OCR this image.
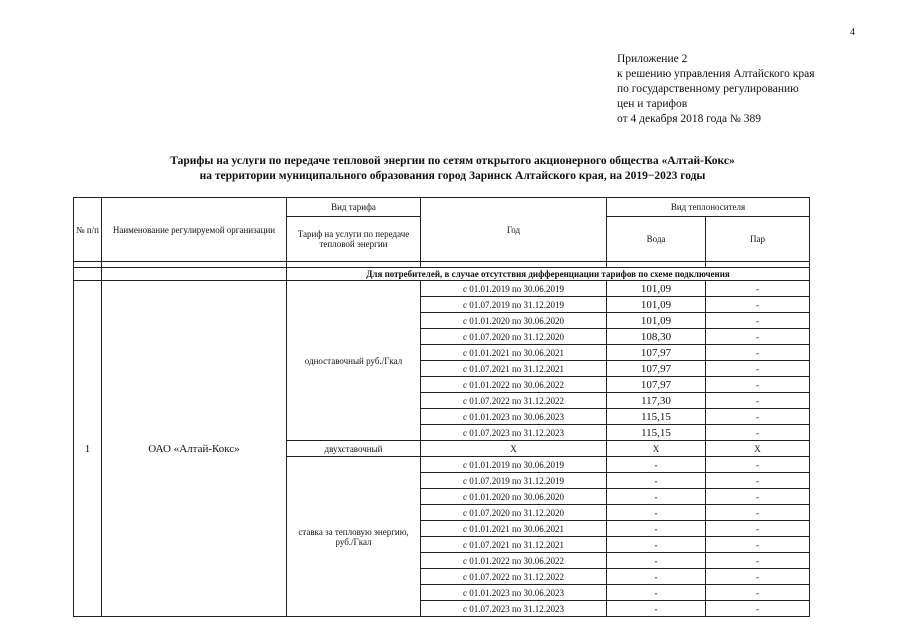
4
Приложение 2
к решению управления Алтайского края
по государственному регулированию
цен и тарифов
от 4 декабря 2018 года № 389
Тарифы на услуги по передаче тепловой энергии по сетям открытого акционерного общества «Алтай-Кокс»
на территории муниципального образования город Заринск Алтайского края, на 2019−2023 годы
№ п/п	Наименование регулируемой организации	Вид тарифа	Год	Вид теплоносителя	
		Тариф на услуги по передаче тепловой энергии		Вода	Пар

		Для потребителей, в случае отсутствия дифференциации тарифов по схеме подключения			
1	ОАО «Алтай-Кокс»	одноставочный руб./Гкал	с 01.01.2019 по 30.06.2019	101,09	-
			с 01.07.2019 по 31.12.2019	101,09	-
			с 01.01.2020 по 30.06.2020	101,09	-
			с 01.07.2020 по 31.12.2020	108,30	-
			с 01.01.2021 по 30.06.2021	107,97	-
			с 01.07.2021 по 31.12.2021	107,97	-
			с 01.01.2022 по 30.06.2022	107,97	-
			с 01.07.2022 по 31.12.2022	117,30	-
			с 01.01.2023 по 30.06.2023	115,15	-
			с 01.07.2023 по 31.12.2023	115,15	-
		двухставочный	Х	Х	Х
		ставка за тепловую энергию, руб./Гкал	с 01.01.2019 по 30.06.2019	-	-
			с 01.07.2019 по 31.12.2019	-	-
			с 01.01.2020 по 30.06.2020	-	-
			с 01.07.2020 по 31.12.2020	-	-
			с 01.01.2021 по 30.06.2021	-	-
			с 01.07.2021 по 31.12.2021	-	-
			с 01.01.2022 по 30.06.2022	-	-
			с 01.07.2022 по 31.12.2022	-	-
			с 01.01.2023 по 30.06.2023	-	-
			с 01.07.2023 по 31.12.2023	-	-
